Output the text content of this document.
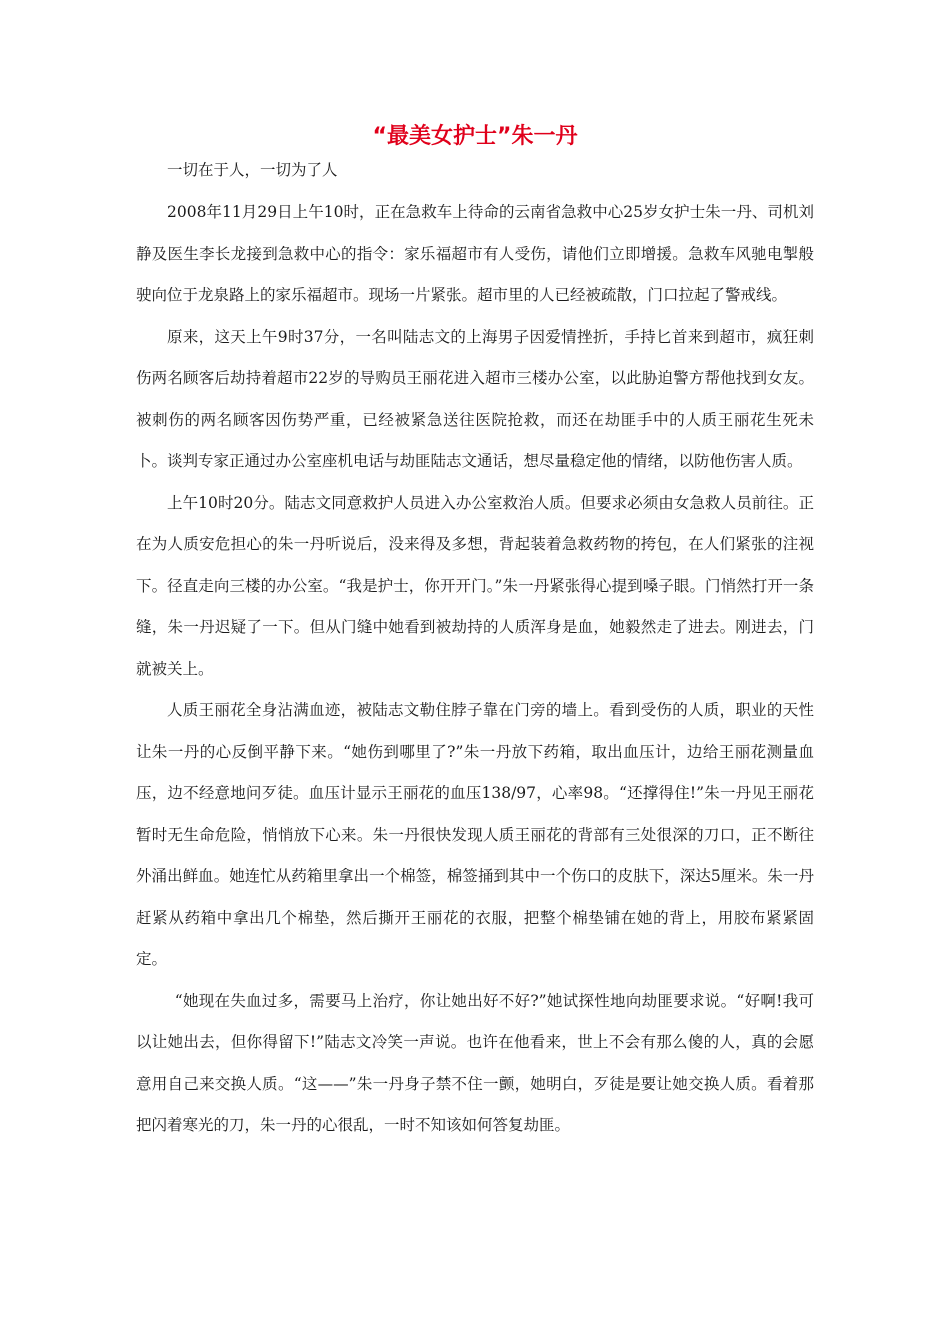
“最美女护士”朱一丹

一切在于人，一切为了人

2008年11月29日上午10时，正在急救车上待命的云南省急救中心25岁女护士朱一丹、司机刘静及医生李长龙接到急救中心的指令：家乐福超市有人受伤，请他们立即增援。急救车风驰电掣般驶向位于龙泉路上的家乐福超市。现场一片紧张。超市里的人已经被疏散，门口拉起了警戒线。

原来，这天上午9时37分，一名叫陆志文的上海男子因爱情挫折，手持匕首来到超市，疯狂刺伤两名顾客后劫持着超市22岁的导购员王丽花进入超市三楼办公室，以此胁迫警方帮他找到女友。被刺伤的两名顾客因伤势严重，已经被紧急送往医院抢救，而还在劫匪手中的人质王丽花生死未卜。谈判专家正通过办公室座机电话与劫匪陆志文通话，想尽量稳定他的情绪，以防他伤害人质。

上午10时20分。陆志文同意救护人员进入办公室救治人质。但要求必须由女急救人员前往。正在为人质安危担心的朱一丹听说后，没来得及多想，背起装着急救药物的挎包，在人们紧张的注视下。径直走向三楼的办公室。“我是护士，你开开门。”朱一丹紧张得心提到嗓子眼。门悄然打开一条缝，朱一丹迟疑了一下。但从门缝中她看到被劫持的人质浑身是血，她毅然走了进去。刚进去，门就被关上。

人质王丽花全身沾满血迹，被陆志文勒住脖子靠在门旁的墙上。看到受伤的人质，职业的天性让朱一丹的心反倒平静下来。“她伤到哪里了?”朱一丹放下药箱，取出血压计，边给王丽花测量血压，边不经意地问歹徒。血压计显示王丽花的血压138/97，心率98。“还撑得住!”朱一丹见王丽花暂时无生命危险，悄悄放下心来。朱一丹很快发现人质王丽花的背部有三处很深的刀口，正不断往外涌出鲜血。她连忙从药箱里拿出一个棉签，棉签捅到其中一个伤口的皮肤下，深达5厘米。朱一丹赶紧从药箱中拿出几个棉垫，然后撕开王丽花的衣服，把整个棉垫铺在她的背上，用胶布紧紧固定。

“她现在失血过多，需要马上治疗，你让她出好不好?”她试探性地向劫匪要求说。“好啊!我可以让她出去，但你得留下!”陆志文冷笑一声说。也许在他看来，世上不会有那么傻的人，真的会愿意用自己来交换人质。“这——”朱一丹身子禁不住一颤，她明白，歹徒是要让她交换人质。看着那把闪着寒光的刀，朱一丹的心很乱，一时不知该如何答复劫匪。
